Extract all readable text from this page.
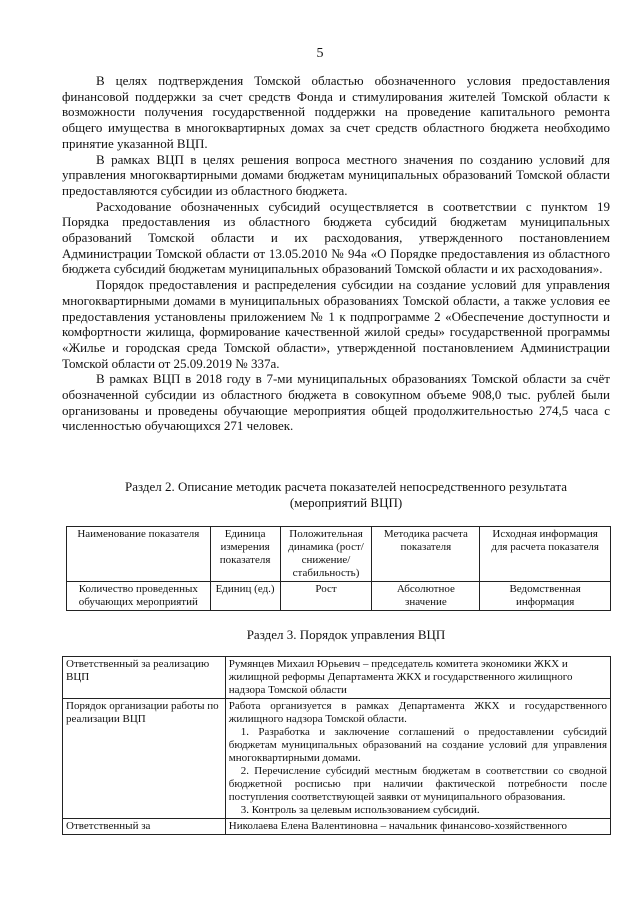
5

В целях подтверждения Томской областью обозначенного условия предоставления финансовой поддержки за счет средств Фонда и стимулирования жителей Томской области к возможности получения государственной поддержки на проведение капитального ремонта общего имущества в многоквартирных домах за счет средств областного бюджета необходимо принятие указанной ВЦП.

В рамках ВЦП в целях решения вопроса местного значения по созданию условий для управления многоквартирными домами бюджетам муниципальных образований Томской области предоставляются субсидии из областного бюджета.

Расходование обозначенных субсидий осуществляется в соответствии с пунктом 19 Порядка предоставления из областного бюджета субсидий бюджетам муниципальных образований Томской области и их расходования, утвержденного постановлением Администрации Томской области от 13.05.2010 № 94а «О Порядке предоставления из областного бюджета субсидий бюджетам муниципальных образований Томской области и их расходования».

Порядок предоставления и распределения субсидии на создание условий для управления многоквартирными домами в муниципальных образованиях Томской области, а также условия ее предоставления установлены приложением № 1 к подпрограмме 2 «Обеспечение доступности и комфортности жилища, формирование качественной жилой среды» государственной программы «Жилье и городская среда Томской области», утвержденной постановлением Администрации Томской области от 25.09.2019 № 337а.

В рамках ВЦП в 2018 году в 7-ми муниципальных образованиях Томской области за счёт обозначенной субсидии из областного бюджета в совокупном объеме 908,0 тыс. рублей были организованы и проведены обучающие мероприятия общей продолжительностью 274,5 часа с численностью обучающихся 271 человек.

Раздел 2. Описание методик расчета показателей непосредственного результата
(мероприятий ВЦП)
Наименование показателя	Единица измерения показателя	Положительная динамика (рост/снижение/ стабильность)	Методика расчета показателя	Исходная информация для расчета показателя
Количество проведенных обучающих мероприятий	Единиц (ед.)	Рост	Абсолютное значение	Ведомственная информация
Раздел 3. Порядок управления ВЦП
Ответственный за реализацию ВЦП	Румянцев Михаил Юрьевич – председатель комитета экономики ЖКХ и жилищной реформы Департамента ЖКХ и государственного жилищного надзора Томской области
Порядок организации работы по реализации ВЦП	Работа организуется в рамках Департамента ЖКХ и государственного жилищного надзора Томской области.
1. Разработка и заключение соглашений о предоставлении субсидий бюджетам муниципальных образований на создание условий для управления многоквартирными домами.
2. Перечисление субсидий местным бюджетам в соответствии со сводной бюджетной росписью при наличии фактической потребности после поступления соответствующей заявки от муниципального образования.
3. Контроль за целевым использованием субсидий.

Ответственный за	Николаева Елена Валентиновна – начальник финансово-хозяйственного
